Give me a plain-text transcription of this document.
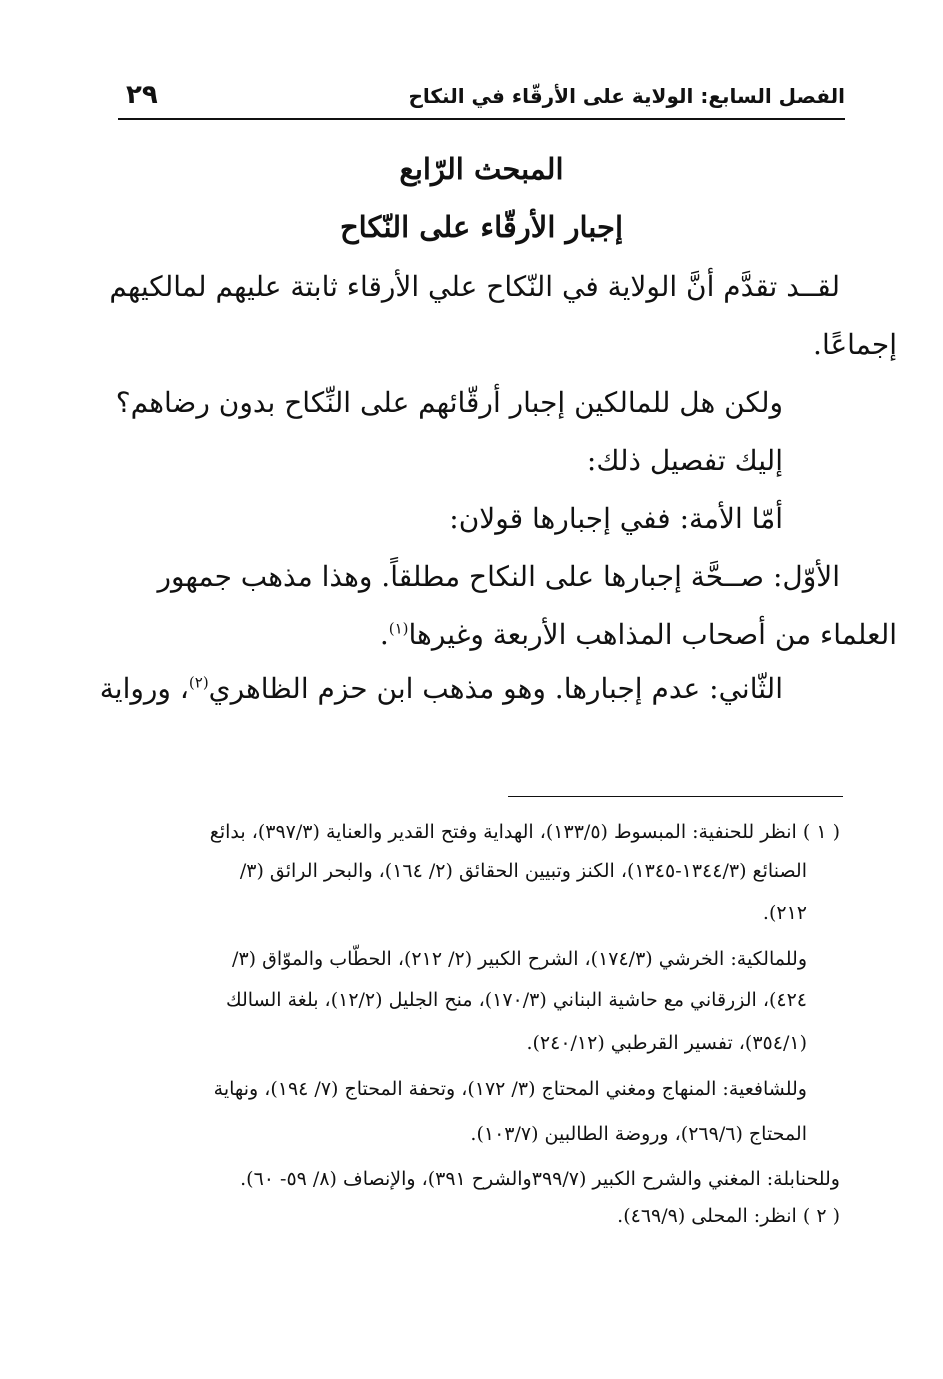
الفصل السابع: الولاية على الأرقّاء في النكاح
٢٩
المبحث الرّابع
إجبار الأرقّاء على النّكاح
لقــد تقدَّم أنَّ الولاية في النّكاح علي الأرقاء ثابتة عليهم لمالكيهم
إجماعًا.
ولكن هل للمالكين إجبار أرقّائهم على النِّكاح بدون رضاهم؟
إليك تفصيل ذلك:
أمّا الأمة: ففي إجبارها قولان:
الأوّل: صــحَّة إجبارها على النكاح مطلقاً. وهذا مذهب جمهور
العلماء من أصحاب المذاهب الأربعة وغيرها$^{(١)}$.
الثّاني: عدم إجبارها. وهو مذهب ابن حزم الظاهري$^{(٢)}$، ورواية
( ١ ) انظر للحنفية: المبسوط (١٣٣/٥)، الهداية وفتح القدير والعناية (٣٩٧/٣)، بدائع
الصنائع (١٣٤٤/٣-١٣٤٥)، الكنز وتبيين الحقائق (٢/ ١٦٤)، والبحر الرائق (٣/
٢١٢).
وللمالكية: الخرشي (١٧٤/٣)، الشرح الكبير (٢/ ٢١٢)، الحطّاب والموّاق (٣/
٤٢٤)، الزرقاني مع حاشية البناني (١٧٠/٣)، منح الجليل (١٢/٢)، بلغة السالك
(٣٥٤/١)، تفسير القرطبي (٢٤٠/١٢).
وللشافعية: المنهاج ومغني المحتاج (٣/ ١٧٢)، وتحفة المحتاج (٧/ ١٩٤)، ونهاية
المحتاج (٢٦٩/٦)، وروضة الطالبين (١٠٣/٧).
وللحنابلة: المغني والشرح الكبير (٣٩٩/٧والشرح ٣٩١)، والإنصاف (٨/ ٥٩- ٦٠).
( ٢ ) انظر: المحلى (٤٦٩/٩).
